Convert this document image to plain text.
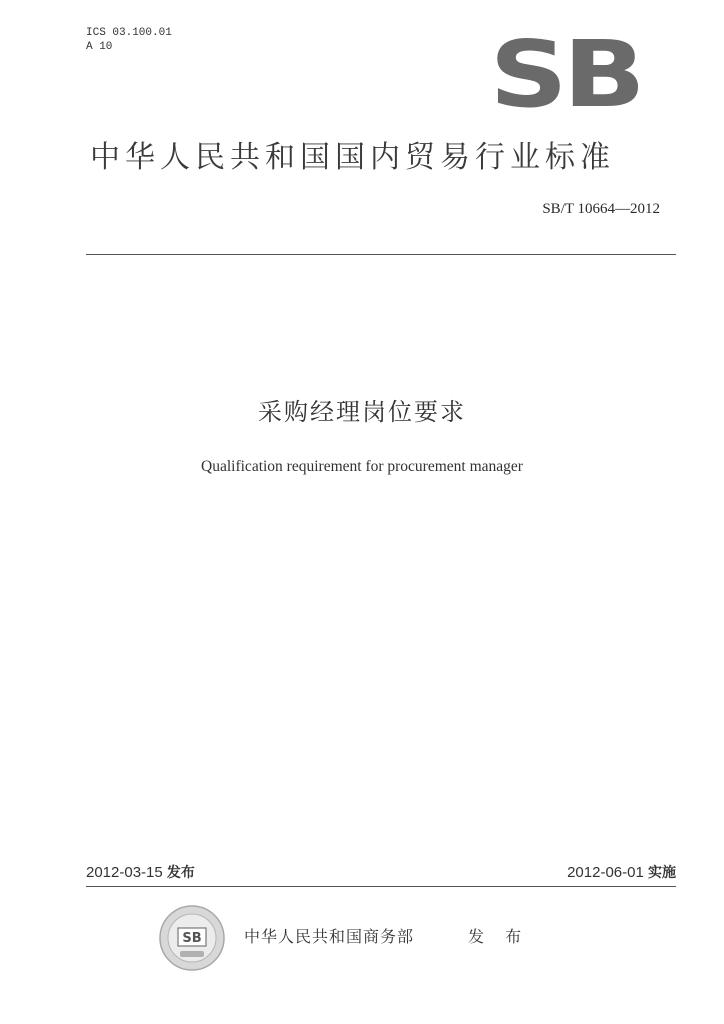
ICS 03.100.01
A 10	SB
中华人民共和国国内贸易行业标准
SB/T 10664—2012
采购经理岗位要求
Qualification requirement for procurement manager
2012-03-15 发布	2012-06-01 实施
SB	中华人民共和国商务部	发 布
